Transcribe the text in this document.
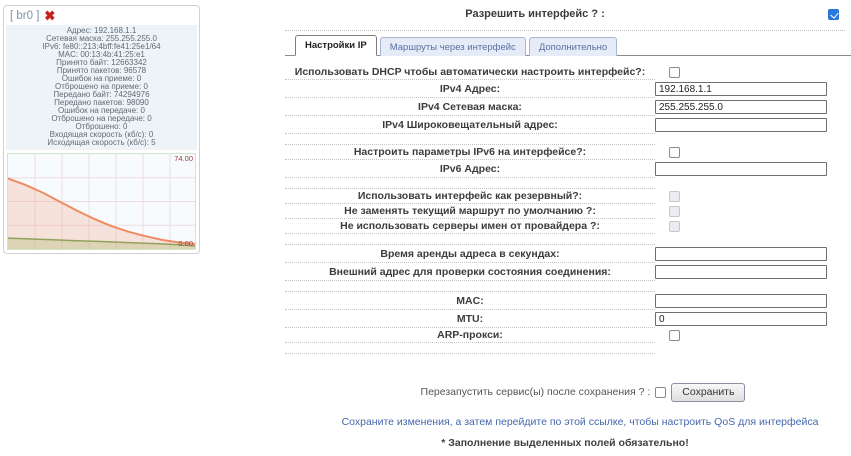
[ br0 ] ✖
Адрес: 192.168.1.1
Сетевая маска: 255.255.255.0
IPv6: fe80::213:4bff:fe41:25e1/64
MAC: 00:13:4b:41:25:e1
Принято байт: 12663342
Принято пакетов: 96578
Ошибок на приеме: 0
Отброшено на приеме: 0
Передано байт: 74294976
Передано пакетов: 98090
Ошибок на передаче: 0
Отброшено на передаче: 0
Отброшено: 0
Входящая скорость (кб/с): 0
Исходящая скорость (кб/с): 5
74.00
0.00
Разрешить интерфейс ? :
Настройки IP	Маршруты через интерфейс	Дополнительно
Использовать DHCP чтобы автоматически настроить интерфейс?:
IPv4 Адрес:
192.168.1.1
IPv4 Сетевая маска:
255.255.255.0
IPv4 Широковещательный адрес:
Настроить параметры IPv6 на интерфейсе?:
IPv6 Адрес:
Использовать интерфейс как резервный?:
Не заменять текущий маршрут по умолчанию ?:
Не использовать серверы имен от провайдера ?:
Время аренды адреса в секундах:
Внешний адрес для проверки состояния соединения:
MAC:
MTU:
0
ARP-прокси:
Перезапустить сервис(ы) после сохранения ? :	Сохранить
Сохраните изменения, а затем перейдите по этой ссылке, чтобы настроить QoS для интерфейса
* Заполнение выделенных полей обязательно!
